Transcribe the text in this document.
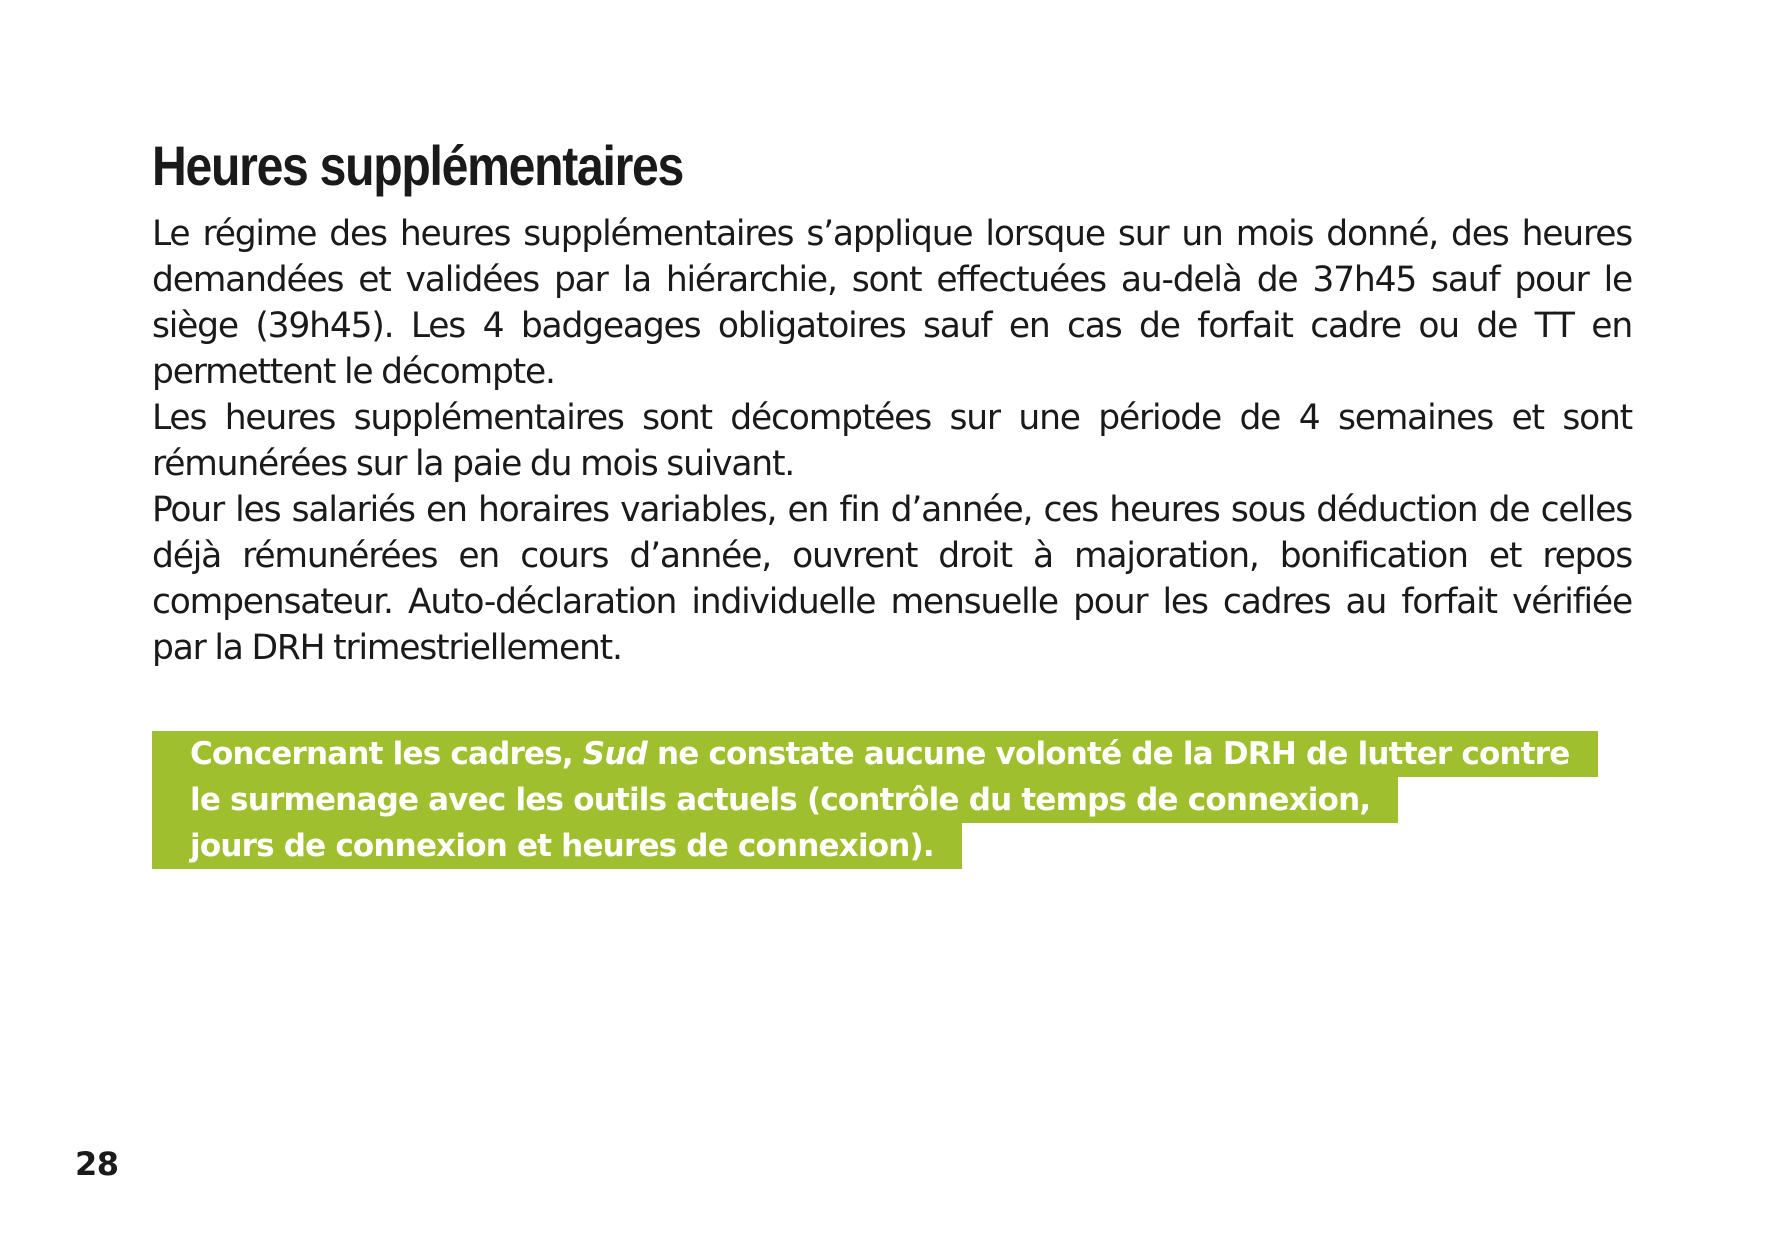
Heures supplémentaires

Le régime des heures supplémentaires s’applique lorsque sur un mois donné, des heures demandées et validées par la hiérarchie, sont effectuées au-delà de 37h45 sauf pour le siège (39h45). Les 4 badgeages obligatoires sauf en cas de forfait cadre ou de TT en permettent le décompte.

Les heures supplémentaires sont décomptées sur une période de 4 semaines et sont rémunérées sur la paie du mois suivant.

Pour les salariés en horaires variables, en fin d’année, ces heures sous déduction de celles déjà rémunérées en cours d’année, ouvrent droit à majoration, bonification et repos compensateur. Auto-déclaration individuelle mensuelle pour les cadres au forfait vérifiée par la DRH trimestriellement.

Concernant les cadres, Sud ne constate aucune volonté de la DRH de lutter contre
le surmenage avec les outils actuels (contrôle du temps de connexion,
jours de connexion et heures de connexion).
28
